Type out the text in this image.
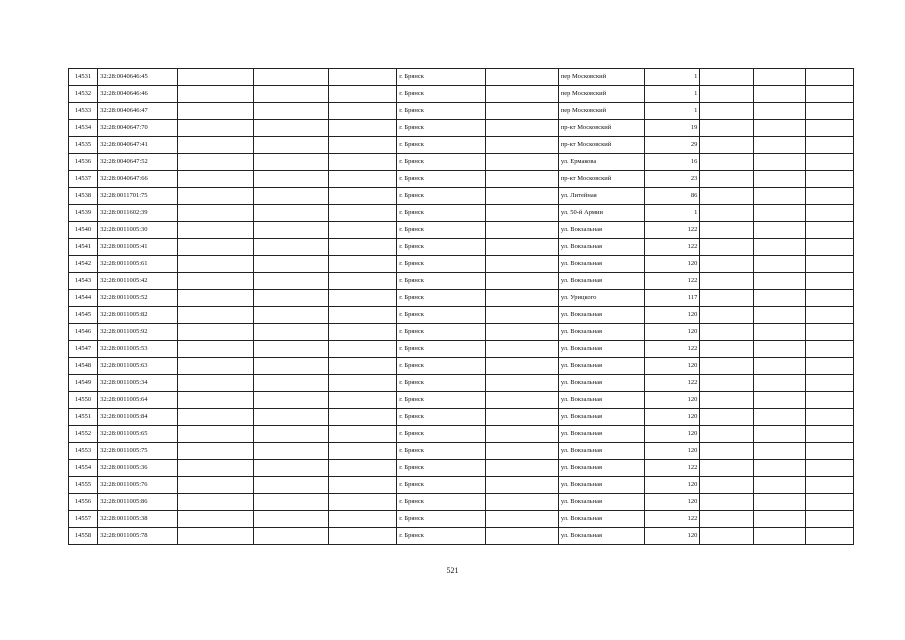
14531	32:28:0040646:45				г. Брянск		пер Московский	1			
14532	32:28:0040646:46				г. Брянск		пер Московский	1			
14533	32:28:0040646:47				г. Брянск		пер Московский	1			
14534	32:28:0040647:70				г. Брянск		пр-кт Московский	19			
14535	32:28:0040647:41				г. Брянск		пр-кт Московский	29			
14536	32:28:0040647:52				г. Брянск		ул. Ермакова	16			
14537	32:28:0040647:66				г. Брянск		пр-кт Московский	23			
14538	32:28:0011701:75				г. Брянск		ул. Литейная	86			
14539	32:28:0011602:39				г. Брянск		ул. 50-й Армии	1			
14540	32:28:0011005:30				г. Брянск		ул. Вокзальная	122			
14541	32:28:0011005:41				г. Брянск		ул. Вокзальная	122			
14542	32:28:0011005:61				г. Брянск		ул. Вокзальная	120			
14543	32:28:0011005:42				г. Брянск		ул. Вокзальная	122			
14544	32:28:0011005:52				г. Брянск		ул. Урицкого	117			
14545	32:28:0011005:82				г. Брянск		ул. Вокзальная	120			
14546	32:28:0011005:92				г. Брянск		ул. Вокзальная	120			
14547	32:28:0011005:53				г. Брянск		ул. Вокзальная	122			
14548	32:28:0011005:63				г. Брянск		ул. Вокзальная	120			
14549	32:28:0011005:34				г. Брянск		ул. Вокзальная	122			
14550	32:28:0011005:64				г. Брянск		ул. Вокзальная	120			
14551	32:28:0011005:84				г. Брянск		ул. Вокзальная	120			
14552	32:28:0011005:65				г. Брянск		ул. Вокзальная	120			
14553	32:28:0011005:75				г. Брянск		ул. Вокзальная	120			
14554	32:28:0011005:36				г. Брянск		ул. Вокзальная	122			
14555	32:28:0011005:76				г. Брянск		ул. Вокзальная	120			
14556	32:28:0011005:86				г. Брянск		ул. Вокзальная	120			
14557	32:28:0011005:38				г. Брянск		ул. Вокзальная	122			
14558	32:28:0011005:78				г. Брянск		ул. Вокзальная	120			
521
